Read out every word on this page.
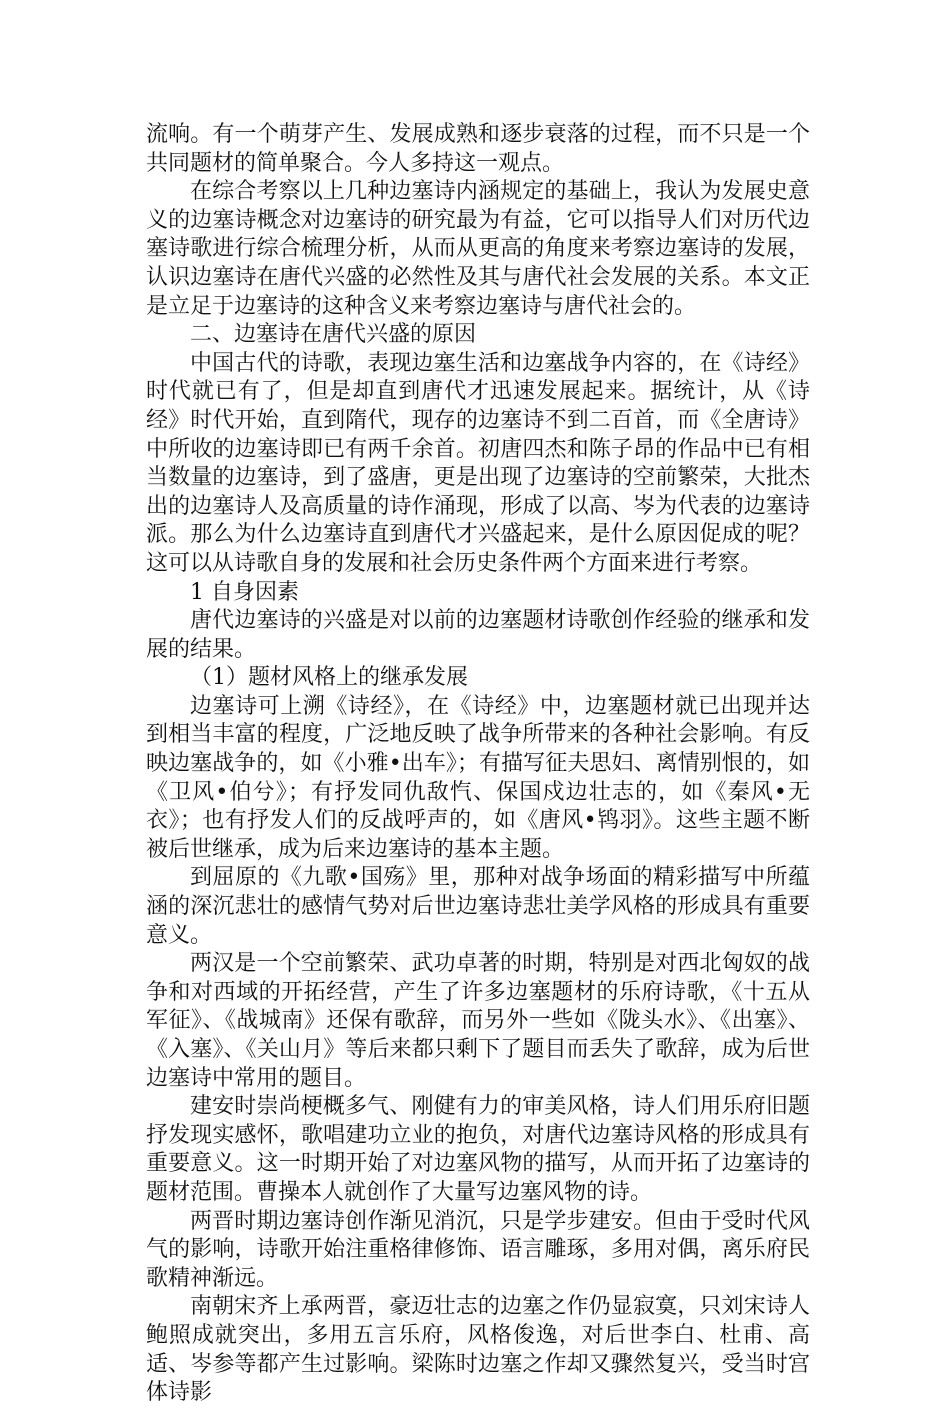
流响。有一个萌芽产生、发展成熟和逐步衰落的过程，而不只是一个共同题材的简单聚合。今人多持这一观点。

在综合考察以上几种边塞诗内涵规定的基础上，我认为发展史意义的边塞诗概念对边塞诗的研究最为有益，它可以指导人们对历代边塞诗歌进行综合梳理分析，从而从更高的角度来考察边塞诗的发展，认识边塞诗在唐代兴盛的必然性及其与唐代社会发展的关系。本文正是立足于边塞诗的这种含义来考察边塞诗与唐代社会的。

二、边塞诗在唐代兴盛的原因

中国古代的诗歌，表现边塞生活和边塞战争内容的，在《诗经》时代就已有了，但是却直到唐代才迅速发展起来。据统计，从《诗经》时代开始，直到隋代，现存的边塞诗不到二百首，而《全唐诗》中所收的边塞诗即已有两千余首。初唐四杰和陈子昂的作品中已有相当数量的边塞诗，到了盛唐，更是出现了边塞诗的空前繁荣，大批杰出的边塞诗人及高质量的诗作涌现，形成了以高、岑为代表的边塞诗派。那么为什么边塞诗直到唐代才兴盛起来，是什么原因促成的呢？这可以从诗歌自身的发展和社会历史条件两个方面来进行考察。

1 自身因素

唐代边塞诗的兴盛是对以前的边塞题材诗歌创作经验的继承和发展的结果。

（1）题材风格上的继承发展

边塞诗可上溯《诗经》，在《诗经》中，边塞题材就已出现并达到相当丰富的程度，广泛地反映了战争所带来的各种社会影响。有反映边塞战争的，如《小雅•出车》；有描写征夫思妇、离情别恨的，如《卫风•伯兮》；有抒发同仇敌忾、保国戍边壮志的，如《秦风•无衣》；也有抒发人们的反战呼声的，如《唐风•鸨羽》。这些主题不断被后世继承，成为后来边塞诗的基本主题。

到屈原的《九歌•国殇》里，那种对战争场面的精彩描写中所蕴涵的深沉悲壮的感情气势对后世边塞诗悲壮美学风格的形成具有重要意义。

两汉是一个空前繁荣、武功卓著的时期，特别是对西北匈奴的战争和对西域的开拓经营，产生了许多边塞题材的乐府诗歌，《十五从军征》、《战城南》还保有歌辞，而另外一些如《陇头水》、《出塞》、《入塞》、《关山月》等后来都只剩下了题目而丢失了歌辞，成为后世边塞诗中常用的题目。

建安时崇尚梗概多气、刚健有力的审美风格，诗人们用乐府旧题抒发现实感怀，歌唱建功立业的抱负，对唐代边塞诗风格的形成具有重要意义。这一时期开始了对边塞风物的描写，从而开拓了边塞诗的题材范围。曹操本人就创作了大量写边塞风物的诗。

两晋时期边塞诗创作渐见消沉，只是学步建安。但由于受时代风气的影响，诗歌开始注重格律修饰、语言雕琢，多用对偶，离乐府民歌精神渐远。

南朝宋齐上承两晋，豪迈壮志的边塞之作仍显寂寞，只刘宋诗人鲍照成就突出，多用五言乐府，风格俊逸，对后世李白、杜甫、高适、岑参等都产生过影响。梁陈时边塞之作却又骤然复兴，受当时宫体诗影
